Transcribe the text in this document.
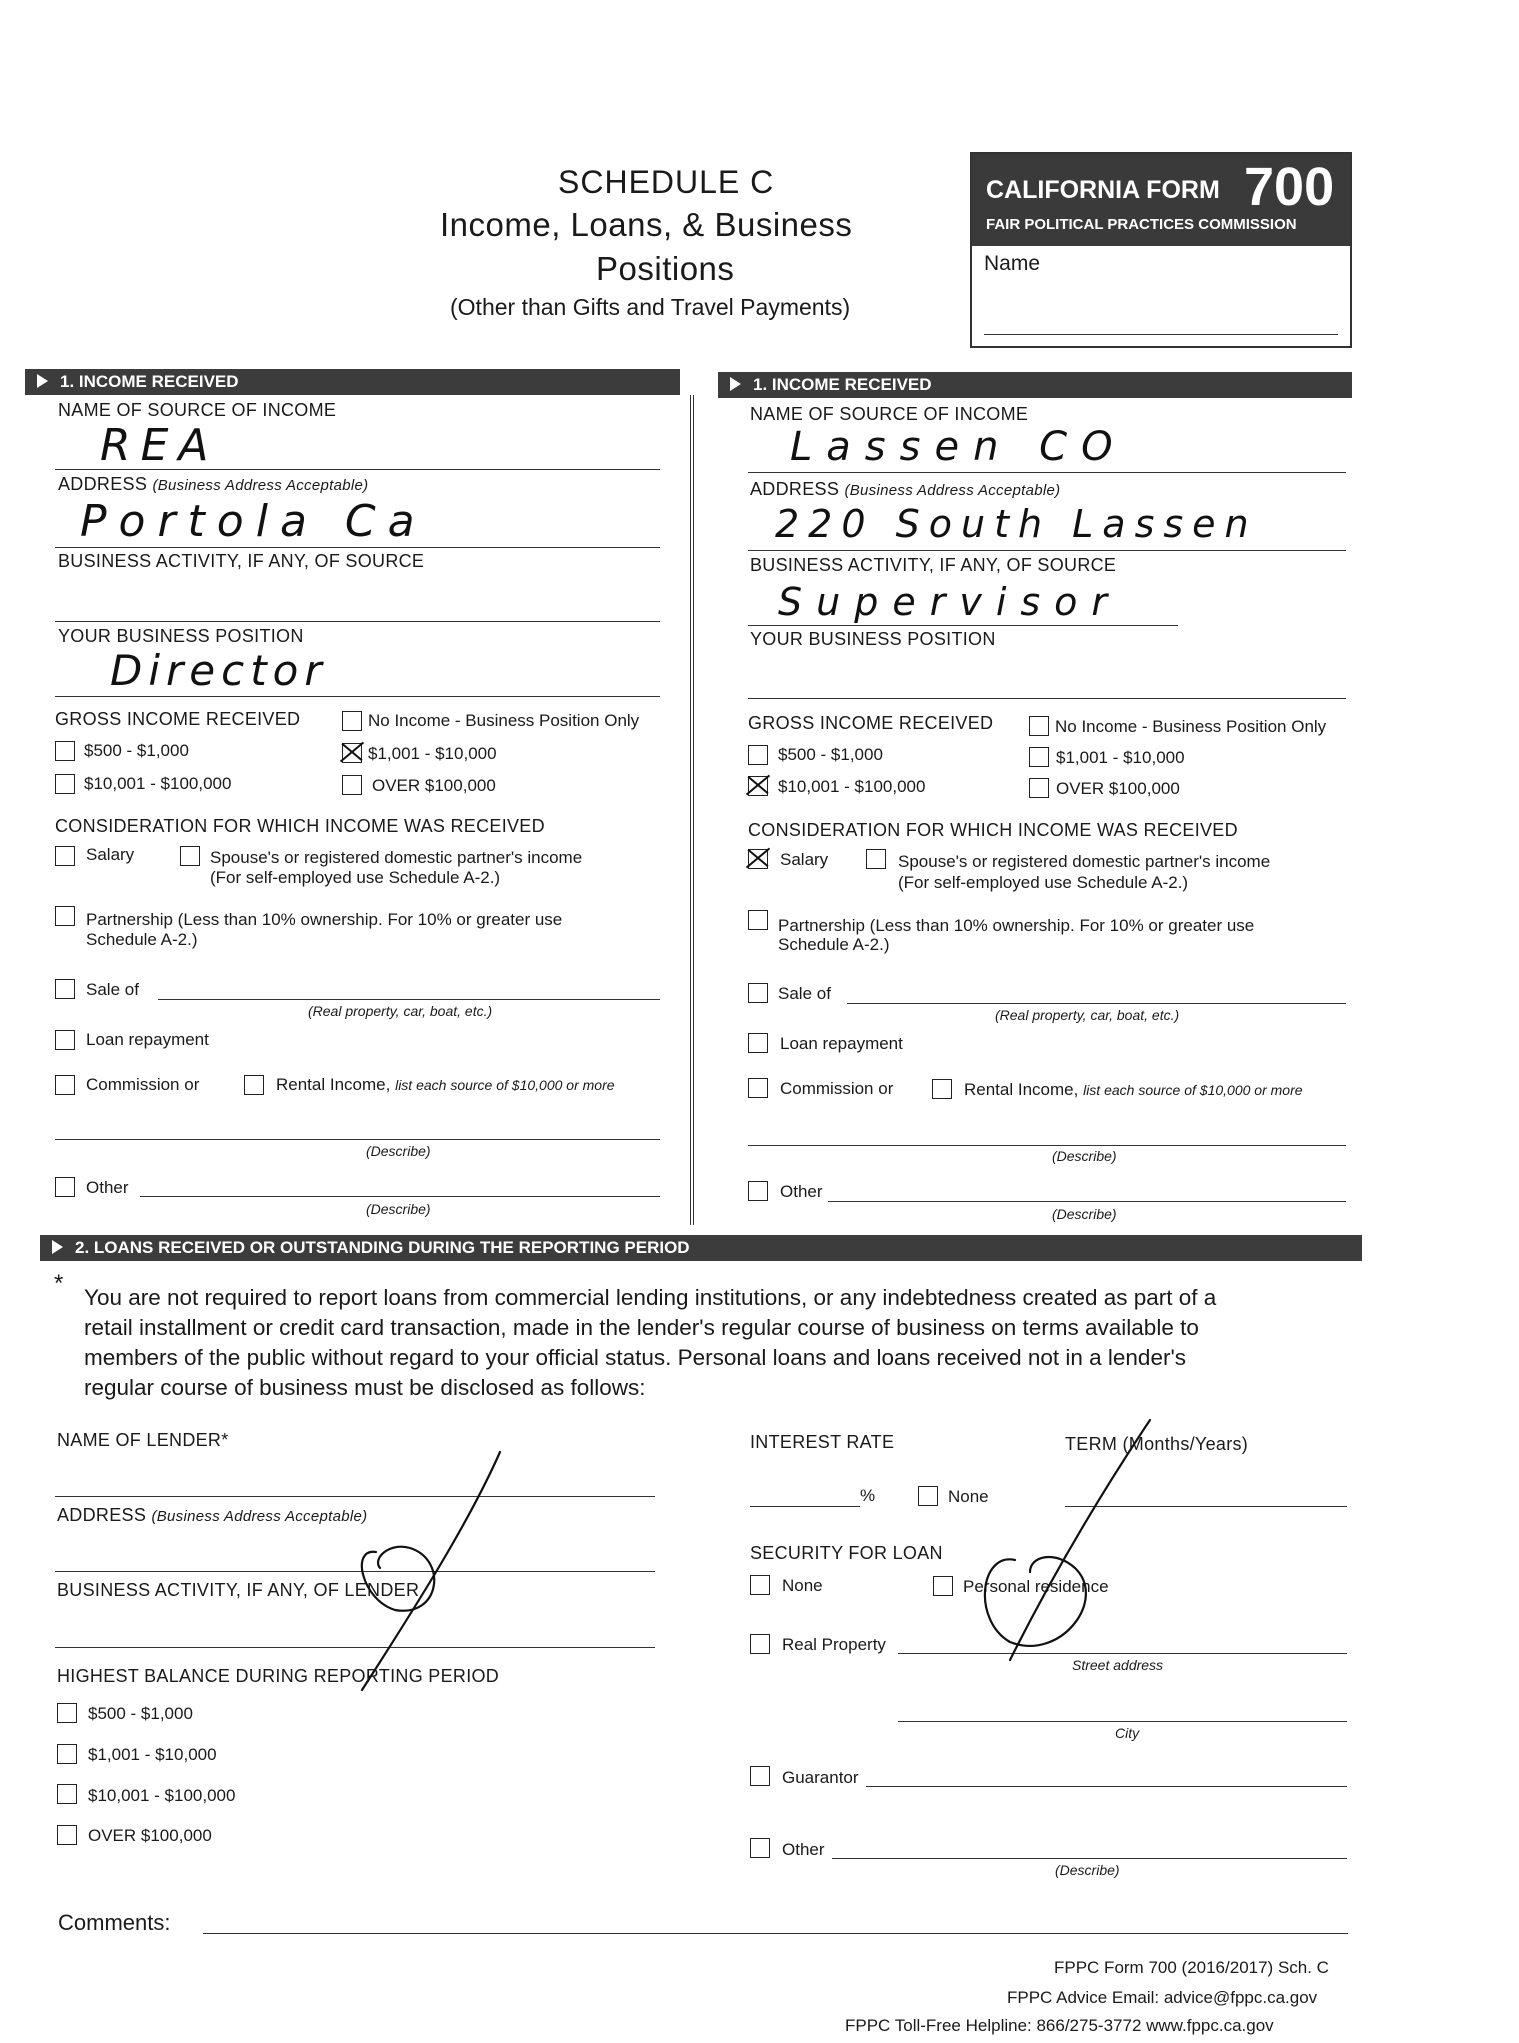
SCHEDULE C
Income, Loans, & Business
Positions
(Other than Gifts and Travel Payments)
CALIFORNIA FORM 700
FAIR POLITICAL PRACTICES COMMISSION
Name
1. INCOME RECEIVED
NAME OF SOURCE OF INCOME
REA
ADDRESS (Business Address Acceptable)
Portola Ca
BUSINESS ACTIVITY, IF ANY, OF SOURCE
YOUR BUSINESS POSITION
Director
GROSS INCOME RECEIVED	No Income - Business Position Only
$500 - $1,000	$1,001 - $10,000
$10,001 - $100,000	OVER $100,000
CONSIDERATION FOR WHICH INCOME WAS RECEIVED
Salary	Spouse's or registered domestic partner's income
(For self-employed use Schedule A-2.)
Partnership (Less than 10% ownership. For 10% or greater use
Schedule A-2.)
Sale of
(Real property, car, boat, etc.)
Loan repayment
Commission or	Rental Income, list each source of $10,000 or more
(Describe)
Other
(Describe)
1. INCOME RECEIVED
NAME OF SOURCE OF INCOME
Lassen CO
ADDRESS (Business Address Acceptable)
220 South Lassen
BUSINESS ACTIVITY, IF ANY, OF SOURCE
Supervisor
YOUR BUSINESS POSITION
GROSS INCOME RECEIVED	No Income - Business Position Only
$500 - $1,000	$1,001 - $10,000
$10,001 - $100,000	OVER $100,000
CONSIDERATION FOR WHICH INCOME WAS RECEIVED
Salary	Spouse's or registered domestic partner's income
(For self-employed use Schedule A-2.)
Partnership (Less than 10% ownership. For 10% or greater use
Schedule A-2.)
Sale of
(Real property, car, boat, etc.)
Loan repayment
Commission or	Rental Income, list each source of $10,000 or more
(Describe)
Other
(Describe)
2. LOANS RECEIVED OR OUTSTANDING DURING THE REPORTING PERIOD
*
You are not required to report loans from commercial lending institutions, or any indebtedness created as part of a
retail installment or credit card transaction, made in the lender's regular course of business on terms available to
members of the public without regard to your official status. Personal loans and loans received not in a lender's
regular course of business must be disclosed as follows:
NAME OF LENDER*
ADDRESS (Business Address Acceptable)
BUSINESS ACTIVITY, IF ANY, OF LENDER
HIGHEST BALANCE DURING REPORTING PERIOD
$500 - $1,000
$1,001 - $10,000
$10,001 - $100,000
OVER $100,000
INTEREST RATE
%	None
TERM (Months/Years)
SECURITY FOR LOAN
None	Personal residence
Real Property
Street address
City
Guarantor
Other
(Describe)
Comments:
FPPC Form 700 (2016/2017) Sch. C
FPPC Advice Email: advice@fppc.ca.gov
FPPC Toll-Free Helpline: 866/275-3772 www.fppc.ca.gov
